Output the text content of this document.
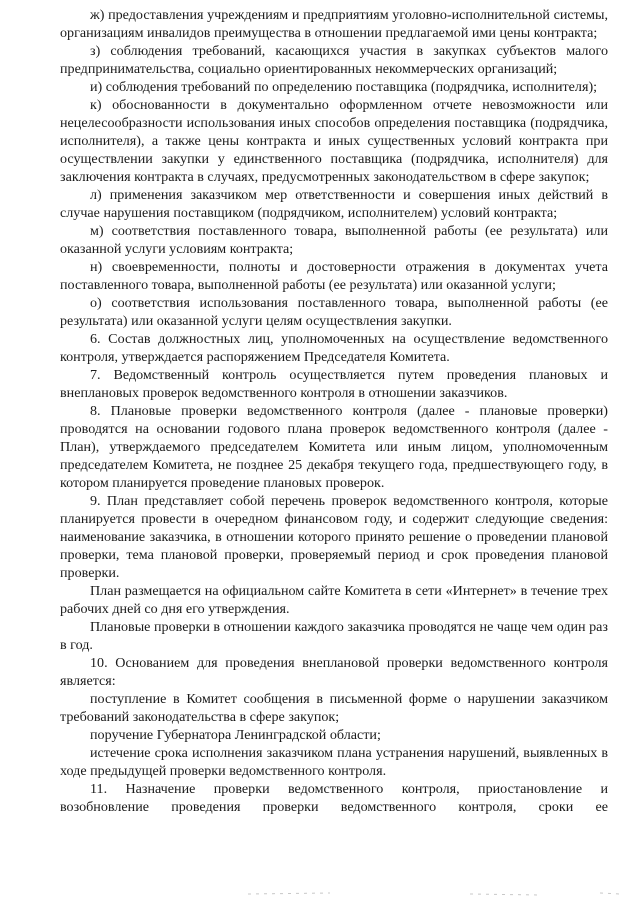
ж) предоставления учреждениям и предприятиям уголовно-исполнительной системы, организациям инвалидов преимущества в отношении предлагаемой ими цены контракта;

з) соблюдения требований, касающихся участия в закупках субъектов малого предпринимательства, социально ориентированных некоммерческих организаций;

и) соблюдения требований по определению поставщика (подрядчика, исполнителя);

к) обоснованности в документально оформленном отчете невозможности или нецелесообразности использования иных способов определения поставщика (подрядчика, исполнителя), а также цены контракта и иных существенных условий контракта при осуществлении закупки у единственного поставщика (подрядчика, исполнителя) для заключения контракта в случаях, предусмотренных законодательством в сфере закупок;

л) применения заказчиком мер ответственности и совершения иных действий в случае нарушения поставщиком (подрядчиком, исполнителем) условий контракта;

м) соответствия поставленного товара, выполненной работы (ее результата) или оказанной услуги условиям контракта;

н) своевременности, полноты и достоверности отражения в документах учета поставленного товара, выполненной работы (ее результата) или оказанной услуги;

о) соответствия использования поставленного товара, выполненной работы (ее результата) или оказанной услуги целям осуществления закупки.

6. Состав должностных лиц, уполномоченных на осуществление ведомственного контроля, утверждается распоряжением Председателя Комитета.

7. Ведомственный контроль осуществляется путем проведения плановых и внеплановых проверок ведомственного контроля в отношении заказчиков.

8. Плановые проверки ведомственного контроля (далее - плановые проверки) проводятся на основании годового плана проверок ведомственного контроля (далее - План), утверждаемого председателем Комитета или иным лицом, уполномоченным председателем Комитета, не позднее 25 декабря текущего года, предшествующего году, в котором планируется проведение плановых проверок.

9. План представляет собой перечень проверок ведомственного контроля, которые планируется провести в очередном финансовом году, и содержит следующие сведения: наименование заказчика, в отношении которого принято решение о проведении плановой проверки, тема плановой проверки, проверяемый период и срок проведения плановой проверки.

План размещается на официальном сайте Комитета в сети «Интернет» в течение трех рабочих дней со дня его утверждения.

Плановые проверки в отношении каждого заказчика проводятся не чаще чем один раз в год.

10. Основанием для проведения внеплановой проверки ведомственного контроля является:

поступление в Комитет сообщения в письменной форме о нарушении заказчиком требований законодательства в сфере закупок;

поручение Губернатора Ленинградской области;

истечение срока исполнения заказчиком плана устранения нарушений, выявленных в ходе предыдущей проверки ведомственного контроля.

11. Назначение проверки ведомственного контроля, приостановление и возобновление проведения проверки ведомственного контроля, сроки ее
